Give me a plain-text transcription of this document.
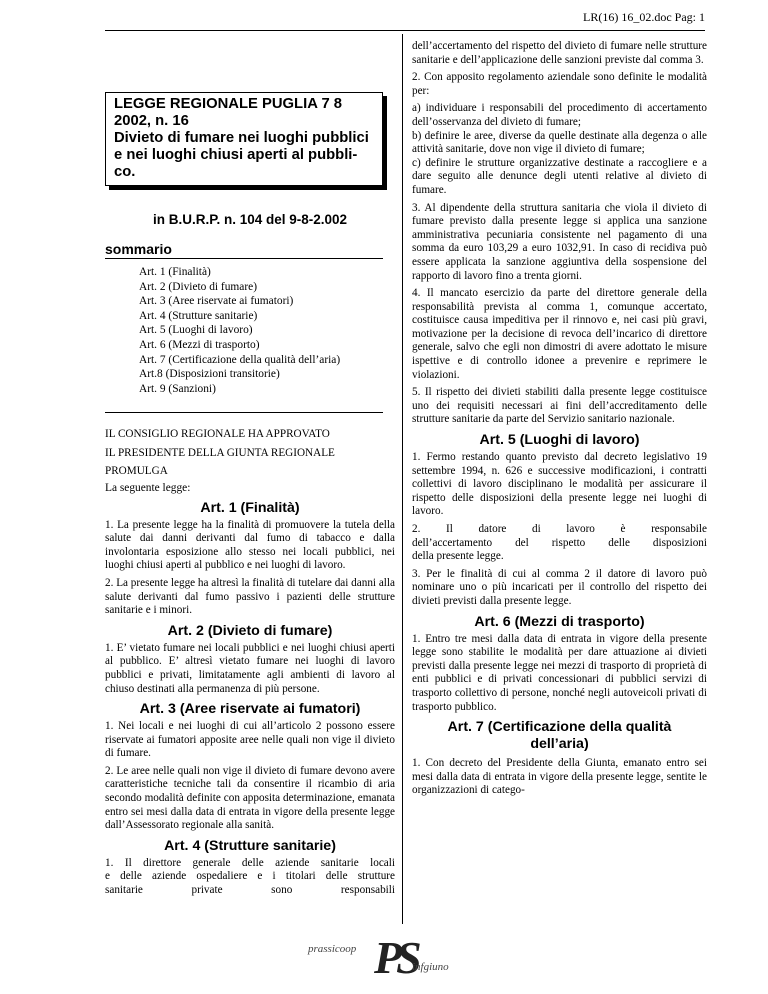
LR(16) 16_02.doc Pag: 1
LEGGE REGIONALE PUGLIA 7 8
2002, n. 16
Divieto di fumare nei luoghi pubblici
e nei luoghi chiusi aperti al pubbli-
co.
in B.U.R.P. n. 104 del 9-8-2.002
sommario
Art. 1 (Finalità)
Art. 2 (Divieto di fumare)
Art. 3 (Aree riservate ai fumatori)
Art. 4 (Strutture sanitarie)
Art. 5 (Luoghi di lavoro)
Art. 6 (Mezzi di trasporto)
Art. 7 (Certificazione della qualità dell’aria)
Art.8 (Disposizioni transitorie)
Art. 9 (Sanzioni)
IL CONSIGLIO REGIONALE HA APPROVATO
IL PRESIDENTE DELLA GIUNTA REGIONALE
PROMULGA
La seguente legge:
Art. 1 (Finalità)

1. La presente legge ha la finalità di promuovere la tutela della salute dai danni derivanti dal fumo di tabacco e dalla involontaria esposizione allo stesso nei locali pubblici, nei luoghi chiusi aperti al pubblico e nei luoghi di lavoro.

2. La presente legge ha altresì la finalità di tutelare dai danni alla salute derivanti dal fumo passivo i pazienti delle strutture sanitarie e i minori.

Art. 2 (Divieto di fumare)

1. E’ vietato fumare nei locali pubblici e nei luoghi chiusi aperti al pubblico. E’ altresì vietato fumare nei luoghi di lavoro pubblici e privati, limitatamente agli ambienti di lavoro al chiuso destinati alla permanenza di più persone.

Art. 3 (Aree riservate ai fumatori)

1. Nei locali e nei luoghi di cui all’articolo 2 possono essere riservate ai fumatori apposite aree nelle quali non vige il divieto di fumare.

2. Le aree nelle quali non vige il divieto di fumare devono avere caratteristiche tecniche tali da consentire il ricambio di aria secondo modalità definite con apposita determinazione, emanata entro sei mesi dalla data di entrata in vigore della presente legge dall’Assessorato regionale alla sanità.

Art. 4 (Strutture sanitarie)
1. Il direttore generale delle aziende sanitarie locali
e delle aziende ospedaliere e i titolari delle strutture
sanitarie private sono responsabili

dell’accertamento del rispetto del divieto di fumare nelle strutture sanitarie e dell’applicazione delle sanzioni previste dal comma 3.

2. Con apposito regolamento aziendale sono definite le modalità per:

a) individuare i responsabili del procedimento di accertamento dell’osservanza del divieto di fumare;

b) definire le aree, diverse da quelle destinate alla degenza o alle attività sanitarie, dove non vige il divieto di fumare;

c) definire le strutture organizzative destinate a raccogliere e a dare seguito alle denunce degli utenti relative al divieto di fumare.

3. Al dipendente della struttura sanitaria che viola il divieto di fumare previsto dalla presente legge si applica una sanzione amministrativa pecuniaria consistente nel pagamento di una somma da euro 103,29 a euro 1032,91. In caso di recidiva può essere applicata la sanzione aggiuntiva della sospensione del rapporto di lavoro fino a trenta giorni.

4. Il mancato esercizio da parte del direttore generale della responsabilità prevista al comma 1, comunque accertato, costituisce causa impeditiva per il rinnovo e, nei casi più gravi, motivazione per la decisione di revoca dell’incarico di direttore generale, salvo che egli non dimostri di avere adottato le misure ispettive e di controllo idonee a prevenire e reprimere le violazioni.

5. Il rispetto dei divieti stabiliti dalla presente legge costituisce uno dei requisiti necessari ai fini dell’accreditamento delle strutture sanitarie da parte del Servizio sanitario nazionale.

Art. 5 (Luoghi di lavoro)

1. Fermo restando quanto previsto dal decreto legislativo 19 settembre 1994, n. 626 e successive modificazioni, i contratti collettivi di lavoro disciplinano le modalità per assicurare il rispetto delle disposizioni della presente legge nei luoghi di lavoro.

2. Il datore di lavoro è responsabile
dell’accertamento del rispetto delle disposizioni
della presente legge.

3. Per le finalità di cui al comma 2 il datore di lavoro può nominare uno o più incaricati per il controllo del rispetto dei divieti previsti dalla presente legge.

Art. 6 (Mezzi di trasporto)

1. Entro tre mesi dalla data di entrata in vigore della presente legge sono stabilite le modalità per dare attuazione ai divieti previsti dalla presente legge nei mezzi di trasporto di proprietà di enti pubblici e di privati concessionari di pubblici servizi di trasporto collettivo di persone, nonché negli autoveicoli privati di trasporto pubblico.

Art. 7 (Certificazione della qualità
dell’aria)

1. Con decreto del Presidente della Giunta, emanato entro sei mesi dalla data di entrata in vigore della presente legge, sentite le organizzazioni di catego-

prassicoop PS
infgiuno
